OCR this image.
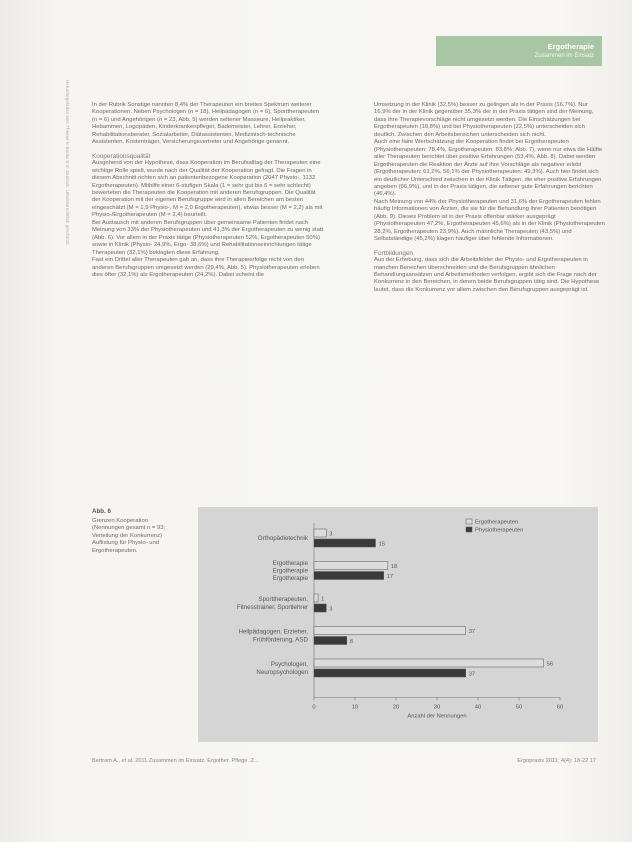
Heruntergeladen von: Thieme E-Books & E-Journals. Urheberrechtlich geschützt.
Ergotherapie
Zusammen im Einsatz

In der Rubrik Sonstige nannten 8,4% der Therapeuten ein breites Spektrum weiterer Kooperationen. Neben Psychologen (n = 18), Heilpädagogen (n = 6), Sporttherapeuten (n = 6) und Angehörigen (n = 23, Abb. 5) werden seltener Masseure, Heilpraktiker, Hebammen, Logopäden, Kinderkrankenpfleger, Bademeister, Lehrer, Erzieher, Rehabilitationsberater, Sozialarbeiter, Diätassistenten, Medizinisch-technische Assistenten, Kostenträger, Versicherungsvertreter und Angehörige genannt.

Kooperationsqualität

Ausgehend von der Hypothese, dass Kooperation im Berufsalltag der Therapeuten eine wichtige Rolle spielt, wurde nach der Qualität der Kooperation gefragt. Die Fragen in diesem Abschnitt richten sich an patientenbezogene Kooperation (2047 Physio-, 1132 Ergotherapeuten). Mithilfe einer 6-stufigen Skala (1 = sehr gut bis 6 = sehr schlecht) bewerteten die Therapeuten die Kooperation mit anderen Berufsgruppen. Die Qualität der Kooperation mit der eigenen Berufsgruppe wird in allen Bereichen am besten eingeschätzt (M = 1,9 Physio-, M = 2,0 Ergotherapeuten), etwas besser (M = 2,2) als mit Physio-/Ergotherapeuten (M = 2,4) beurteilt.

Bei Austausch mit anderen Berufsgruppen über gemeinsame Patienten findet nach Meinung von 33% der Physiotherapeuten und 41,3% der Ergotherapeuten zu wenig statt (Abb. 6). Vor allem in der Praxis tätige (Physiotherapeuten 52%, Ergotherapeuten 50%) sowie in Klinik (Physio- 24,9%, Ergo- 38,6%) und Rehabilitationseinrichtungen tätige Therapeuten (32,1%) beklagten diese Erfahrung.

Fast ein Drittel aller Therapeuten gab an, dass ihre Therapieerfolge nicht von den anderen Berufsgruppen umgesetzt werden (29,4%, Abb. 5). Physiotherapeuten erleben dies öfter (32,1%) als Ergotherapeuten (24,2%). Dabei scheint die

Umsetzung in der Klinik (32,5%) besser zu gelingen als in der Praxis (16,7%). Nur 16,9% der in der Klinik gegenüber 35,3% der in der Praxis tätigen sind der Meinung, dass ihre Therapievorschläge nicht umgesetzt werden. Die Einschätzungen bei Ergotherapeuten (18,8%) und bei Physiotherapeuten (22,5%) unterscheiden sich deutlich. Zwischen den Arbeitsbereichen unterscheiden sich nicht.

Auch eine faire Wertschätzung der Kooperation findet bei Ergotherapeuten (Physiotherapeuten: 78,4%, Ergotherapeuten: 83,8%; Abb. 7), wenn nur etwa die Hälfte aller Therapeuten berichtet über positive Erfahrungen (53,4%, Abb. 8). Dabei werden Ergotherapeuten die Reaktion der Ärzte auf ihre Vorschläge als negativer erlebt (Ergotherapeuten: 61,2%, 56,1% der Physiotherapeuten: 49,3%). Auch hier findet sich ein deutlicher Unterschied zwischen in der Klinik Tätigen, die eher positive Erfahrungen angeben (66,9%), und in der Praxis tätigen, die seltener gute Erfahrungen berichten (46,4%).

Nach Meinung von 44% der Physiotherapeuten und 31,6% der Ergotherapeuten fehlen häufig Informationen von Ärzten, die sie für die Behandlung ihrer Patienten benötigen (Abb. 9). Dieses Problem ist in der Praxis offenbar stärker ausgeprägt (Physiotherapeuten 47,2%, Ergotherapeuten 45,6%) als in der Klinik (Physiotherapeuten 28,2%, Ergotherapeuten 23,9%). Auch männliche Therapeuten (43,5%) und Selbstständige (45,2%) klagen häufiger über fehlende Informationen.

Fortbildungen

Aus der Erhebung, dass sich die Arbeitsfelder der Physio- und Ergotherapeuten in manchen Bereichen überschneiden und die Berufsgruppen ähnlichen Behandlungsansätzen und Arbeitsmethoden verfolgen, ergibt sich die Frage nach der Konkurrenz in den Bereichen, in denen beide Berufsgruppen tätig sind. Die Hypothese lautet, dass die Konkurrenz vor allem zwischen den Berufsgruppen ausgeprägt ist.

Abb. 6
Grenzen Kooperation (Nennungen gesamt n = 93; Verteilung der Konkurrenz) Auflistung für Physio- und Ergotherapeuten.
0	10	20	30	40	50	60
Anzahl der Nennungen
Orthopädietechnik
3
15
Ergotherapie
Ergotherapie
Ergotherapie
18
17
Sporttherapeuten,
Fitnesstrainer, Sportlehrer
1
3
Heilpädagogen, Erzieher,
Frühförderung, ASD
37
8
Psychologen,
Neuropsychologen
56
37
Ergotherapeuten
Physiotherapeuten
Bertram A., et al. 2011 Zusammen im Einsatz. Ergother. Pflege. Z...	Ergopraxis 2011; 4(4): 18-22 17
